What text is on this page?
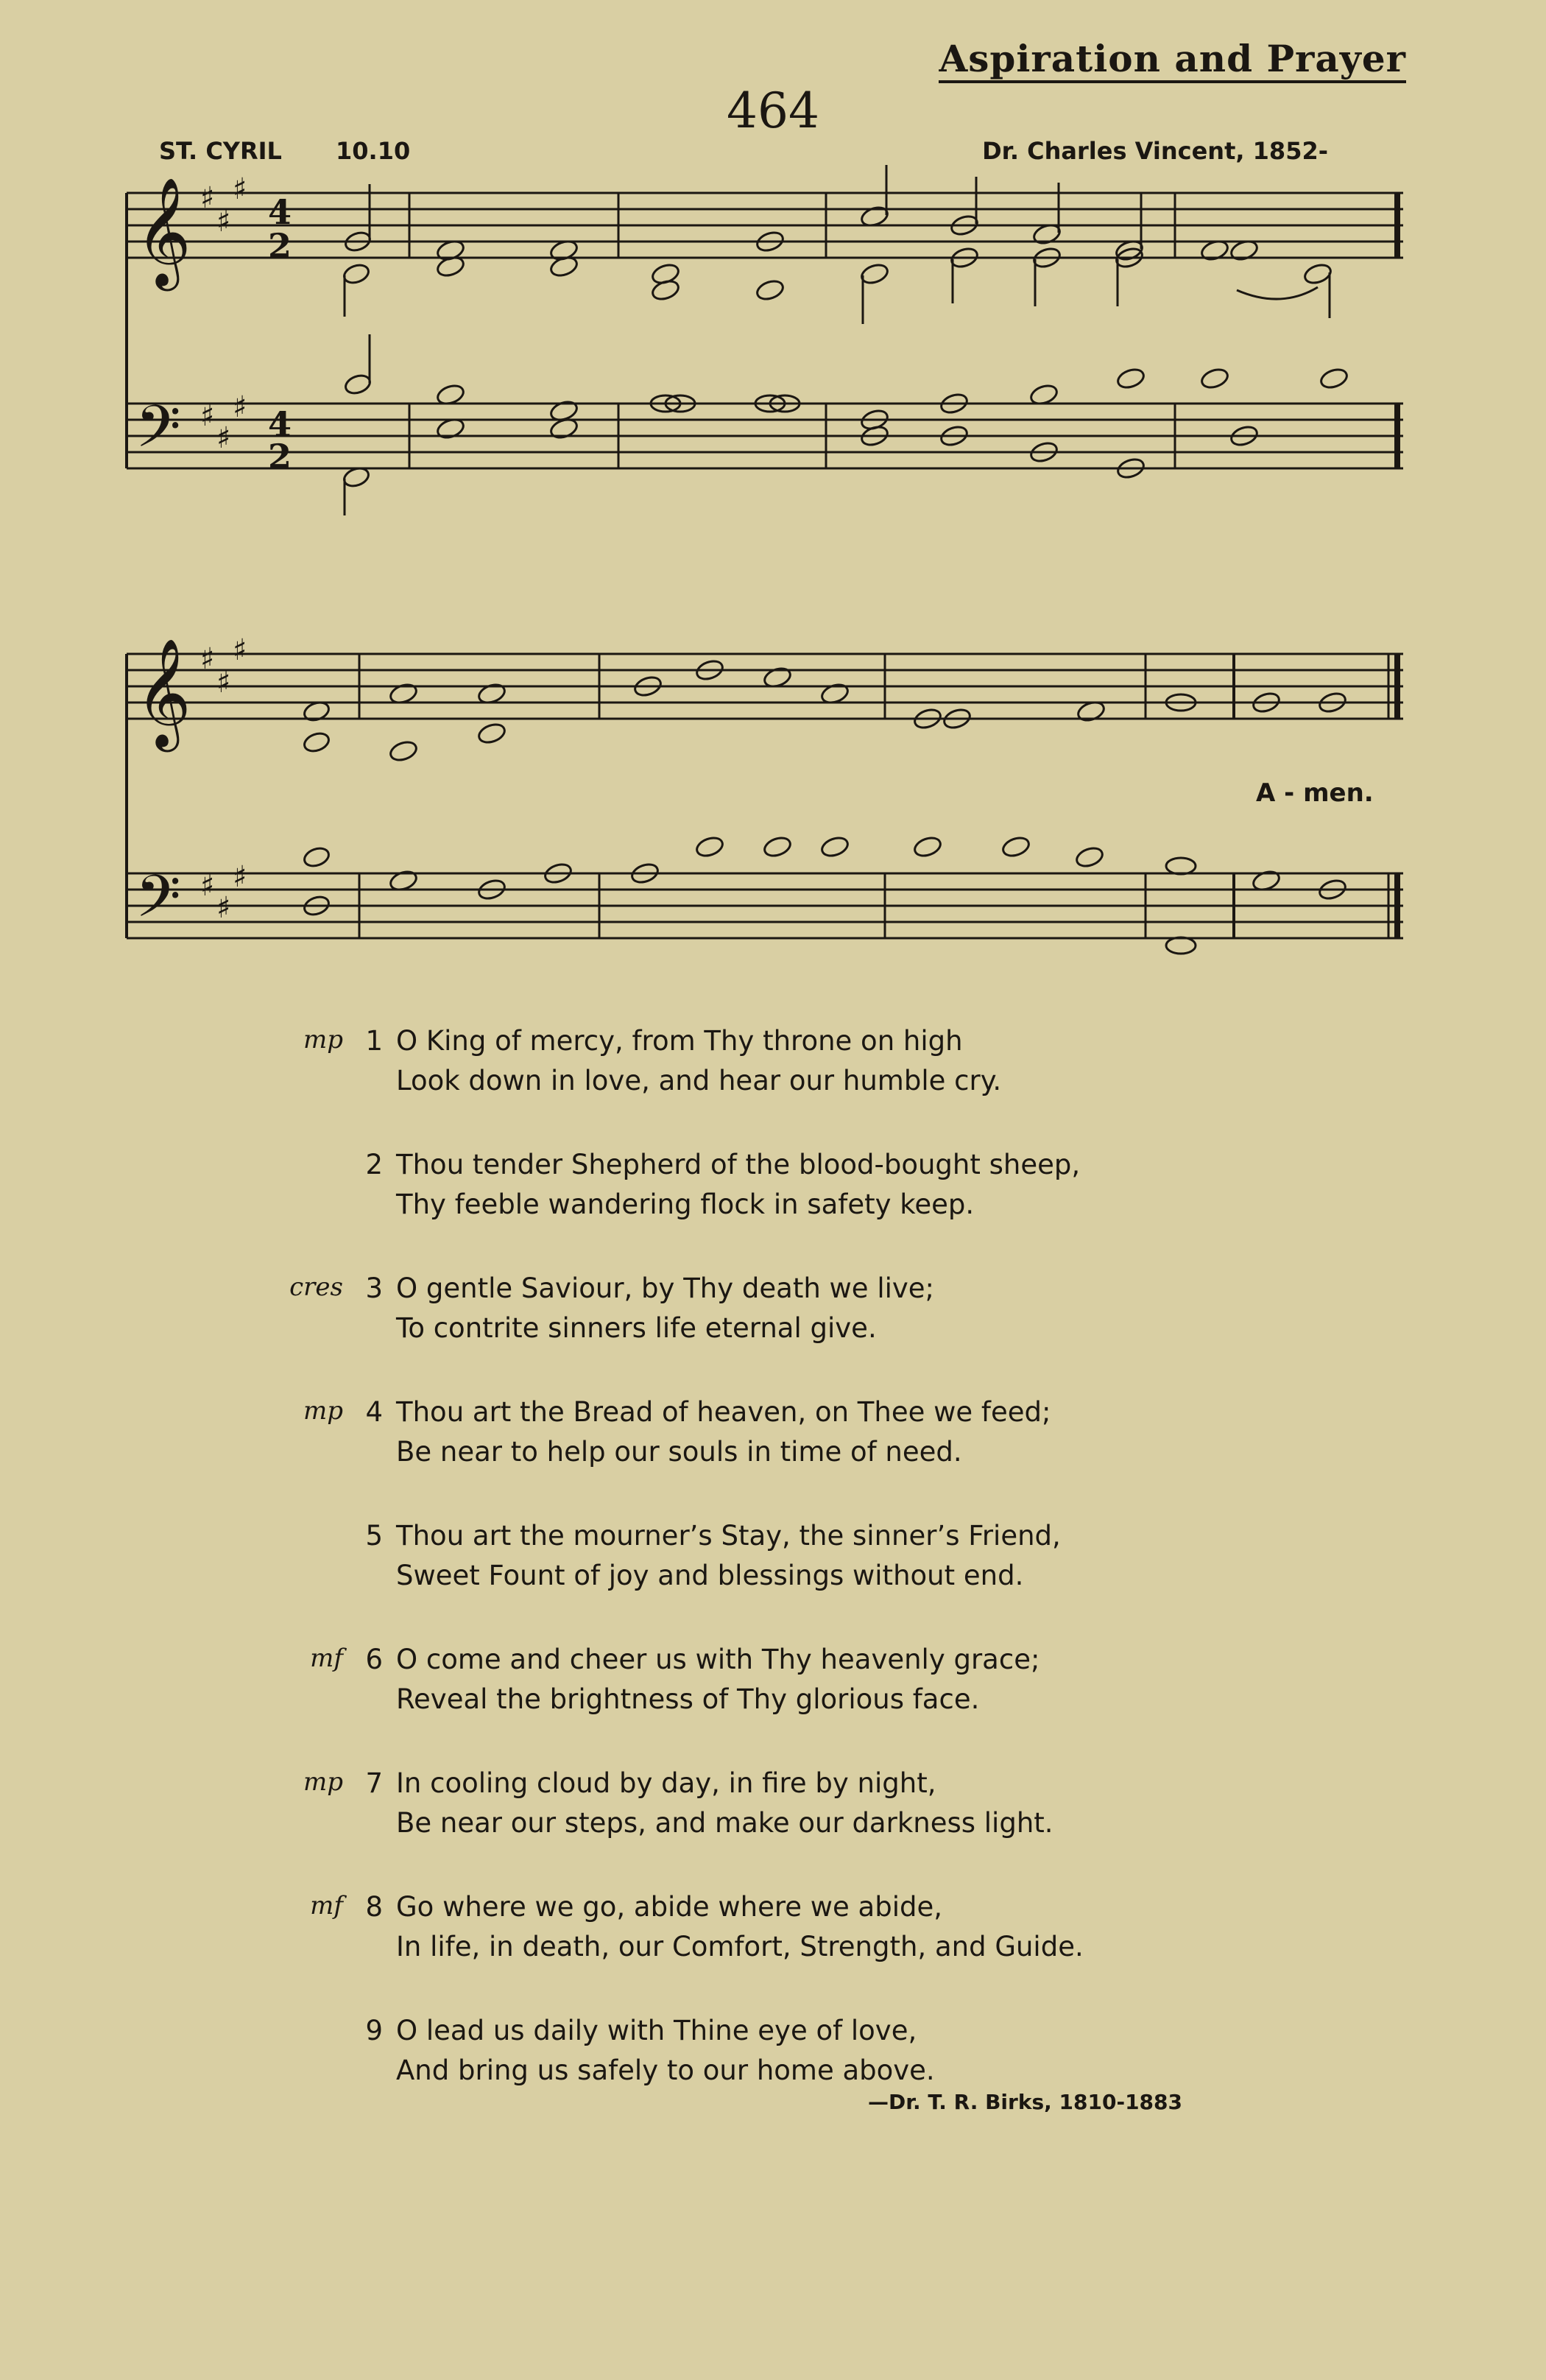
Aspiration and Prayer
464
ST. CYRIL 10.10	Dr. Charles Vincent, 1852-
𝄞
𝄢
♯
♯
♯
♯
♯
♯
4
2
4
2
𝄞
𝄢
♯
♯
♯
♯
♯
♯
A - men.
mp 1 O King of mercy, from Thy throne on high
Look down in love, and hear our humble cry.
2 Thou tender Shepherd of the blood-bought sheep,
Thy feeble wandering flock in safety keep.
cres 3 O gentle Saviour, by Thy death we live;
To contrite sinners life eternal give.
mp 4 Thou art the Bread of heaven, on Thee we feed;
Be near to help our souls in time of need.
5 Thou art the mourner’s Stay, the sinner’s Friend,
Sweet Fount of joy and blessings without end.
mf 6 O come and cheer us with Thy heavenly grace;
Reveal the brightness of Thy glorious face.
mp 7 In cooling cloud by day, in fire by night,
Be near our steps, and make our darkness light.
mf 8 Go where we go, abide where we abide,
In life, in death, our Comfort, Strength, and Guide.
9 O lead us daily with Thine eye of love,
And bring us safely to our home above.
—Dr. T. R. Birks, 1810-1883
